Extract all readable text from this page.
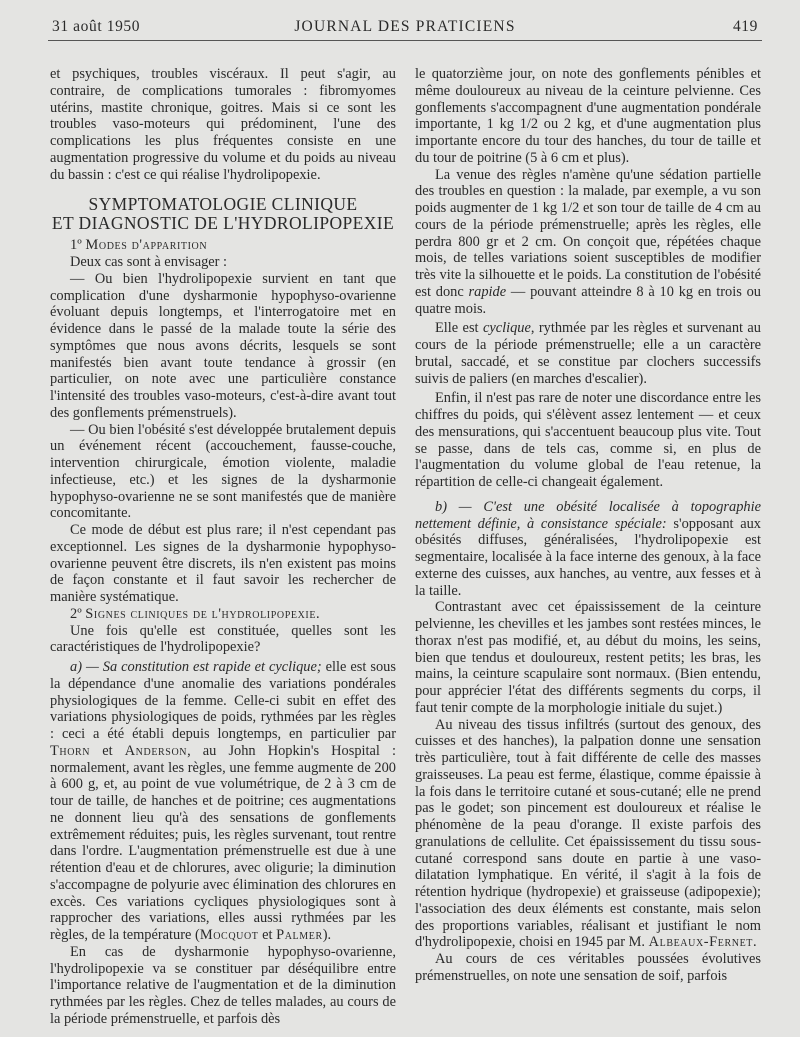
31 août 1950	JOURNAL DES PRATICIENS	419

et psychiques, troubles viscéraux. Il peut s'agir, au contraire, de complications tumorales : fibromyomes utérins, mastite chronique, goitres. Mais si ce sont les troubles vaso-moteurs qui prédominent, l'une des complications les plus fréquentes consiste en une augmentation progressive du volume et du poids au niveau du bassin : c'est ce qui réalise l'hydrolipopexie.

SYMPTOMATOLOGIE CLINIQUE
ET DIAGNOSTIC DE L'HYDROLIPOPEXIE

1º Modes d'apparition

Deux cas sont à envisager :

— Ou bien l'hydrolipopexie survient en tant que complication d'une dysharmonie hypophyso-ovarienne évoluant depuis longtemps, et l'interrogatoire met en évidence dans le passé de la malade toute la série des symptômes que nous avons décrits, lesquels se sont manifestés bien avant toute tendance à grossir (en particulier, on note avec une particulière constance l'intensité des troubles vaso-moteurs, c'est-à-dire avant tout des gonflements prémenstruels).

— Ou bien l'obésité s'est développée brutalement depuis un événement récent (accouchement, fausse-couche, intervention chirurgicale, émotion violente, maladie infectieuse, etc.) et les signes de la dysharmonie hypophyso-ovarienne ne se sont manifestés que de manière concomitante.

Ce mode de début est plus rare; il n'est cependant pas exceptionnel. Les signes de la dysharmonie hypophyso-ovarienne peuvent être discrets, ils n'en existent pas moins de façon constante et il faut savoir les rechercher de manière systématique.

2º Signes cliniques de l'hydrolipopexie.

Une fois qu'elle est constituée, quelles sont les caractéristiques de l'hydrolipopexie?

a) — Sa constitution est rapide et cyclique; elle est sous la dépendance d'une anomalie des variations pondérales physiologiques de la femme. Celle-ci subit en effet des variations physiologiques de poids, rythmées par les règles : ceci a été établi depuis longtemps, en particulier par Thorn et Anderson, au John Hopkin's Hospital : normalement, avant les règles, une femme augmente de 200 à 600 g, et, au point de vue volumétrique, de 2 à 3 cm de tour de taille, de hanches et de poitrine; ces augmentations ne donnent lieu qu'à des sensations de gonflements extrêmement réduites; puis, les règles survenant, tout rentre dans l'ordre. L'augmentation prémenstruelle est due à une rétention d'eau et de chlorures, avec oligurie; la diminution s'accompagne de polyurie avec élimination des chlorures en excès. Ces variations cycliques physiologiques sont à rapprocher des variations, elles aussi rythmées par les règles, de la température (Mocquot et Palmer).

En cas de dysharmonie hypophyso-ovarienne, l'hydrolipopexie va se constituer par déséquilibre entre l'importance relative de l'augmentation et de la diminution rythmées par les règles. Chez de telles malades, au cours de la période prémenstruelle, et parfois dès

le quatorzième jour, on note des gonflements pénibles et même douloureux au niveau de la ceinture pelvienne. Ces gonflements s'accompagnent d'une augmentation pondérale importante, 1 kg 1/2 ou 2 kg, et d'une augmentation plus importante encore du tour des hanches, du tour de taille et du tour de poitrine (5 à 6 cm et plus).

La venue des règles n'amène qu'une sédation partielle des troubles en question : la malade, par exemple, a vu son poids augmenter de 1 kg 1/2 et son tour de taille de 4 cm au cours de la période prémenstruelle; après les règles, elle perdra 800 gr et 2 cm. On conçoit que, répétées chaque mois, de telles variations soient susceptibles de modifier très vite la silhouette et le poids. La constitution de l'obésité est donc rapide — pouvant atteindre 8 à 10 kg en trois ou quatre mois.

Elle est cyclique, rythmée par les règles et survenant au cours de la période prémenstruelle; elle a un caractère brutal, saccadé, et se constitue par clochers successifs suivis de paliers (en marches d'escalier).

Enfin, il n'est pas rare de noter une discordance entre les chiffres du poids, qui s'élèvent assez lentement — et ceux des mensurations, qui s'accentuent beaucoup plus vite. Tout se passe, dans de tels cas, comme si, en plus de l'augmentation du volume global de l'eau retenue, la répartition de celle-ci changeait également.

b) — C'est une obésité localisée à topographie nettement définie, à consistance spéciale: s'opposant aux obésités diffuses, généralisées, l'hydrolipopexie est segmentaire, localisée à la face interne des genoux, à la face externe des cuisses, aux hanches, au ventre, aux fesses et à la taille.

Contrastant avec cet épaississement de la ceinture pelvienne, les chevilles et les jambes sont restées minces, le thorax n'est pas modifié, et, au début du moins, les seins, bien que tendus et douloureux, restent petits; les bras, les mains, la ceinture scapulaire sont normaux. (Bien entendu, pour apprécier l'état des différents segments du corps, il faut tenir compte de la morphologie initiale du sujet.)

Au niveau des tissus infiltrés (surtout des genoux, des cuisses et des hanches), la palpation donne une sensation très particulière, tout à fait différente de celle des masses graisseuses. La peau est ferme, élastique, comme épaissie à la fois dans le territoire cutané et sous-cutané; elle ne prend pas le godet; son pincement est douloureux et réalise le phénomène de la peau d'orange. Il existe parfois des granulations de cellulite. Cet épaississement du tissu sous-cutané correspond sans doute en partie à une vaso-dilatation lymphatique. En vérité, il s'agit à la fois de rétention hydrique (hydropexie) et graisseuse (adipopexie); l'association des deux éléments est constante, mais selon des proportions variables, réalisant et justifiant le nom d'hydrolipopexie, choisi en 1945 par M. Albeaux-Fernet.

Au cours de ces véritables poussées évolutives prémenstruelles, on note une sensation de soif, parfois
